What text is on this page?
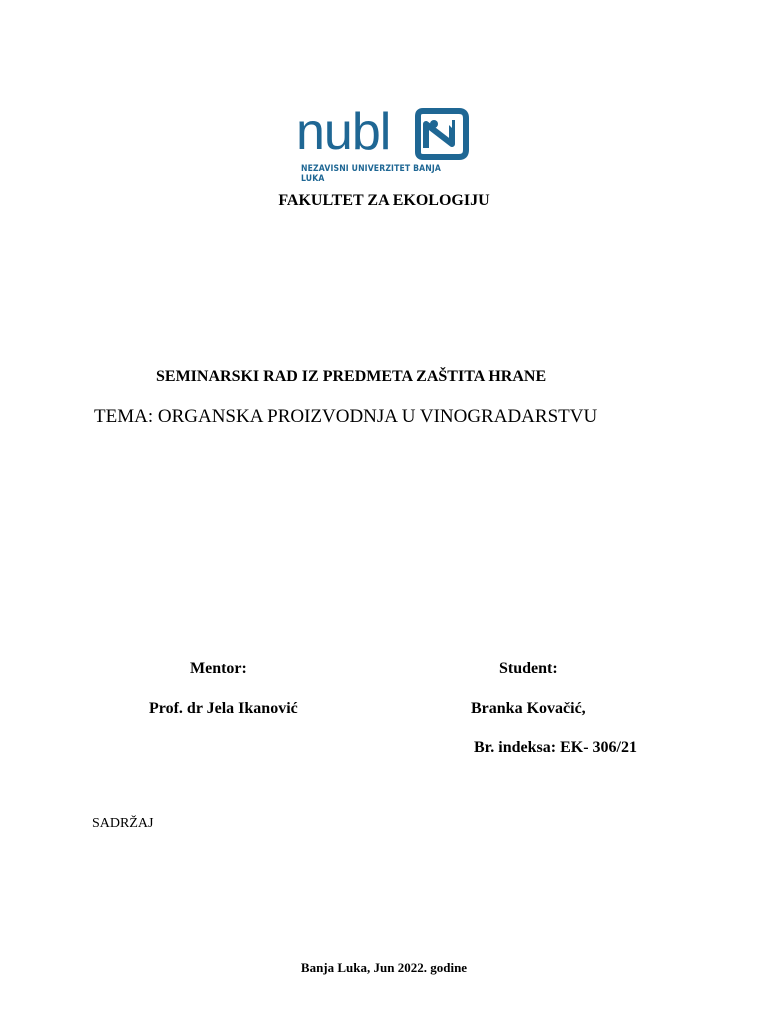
nubl
NEZAVISNI UNIVERZITET BANJA LUKA
FAKULTET ZA EKOLOGIJU
SEMINARSKI RAD IZ PREDMETA ZAŠTITA HRANE
TEMA: ORGANSKA PROIZVODNJA U VINOGRADARSTVU
Mentor:	Student:
Prof. dr Jela Ikanović	Branka Kovačić,
Br. indeksa: EK- 306/21
SADRŽAJ
Banja Luka, Jun 2022. godine
